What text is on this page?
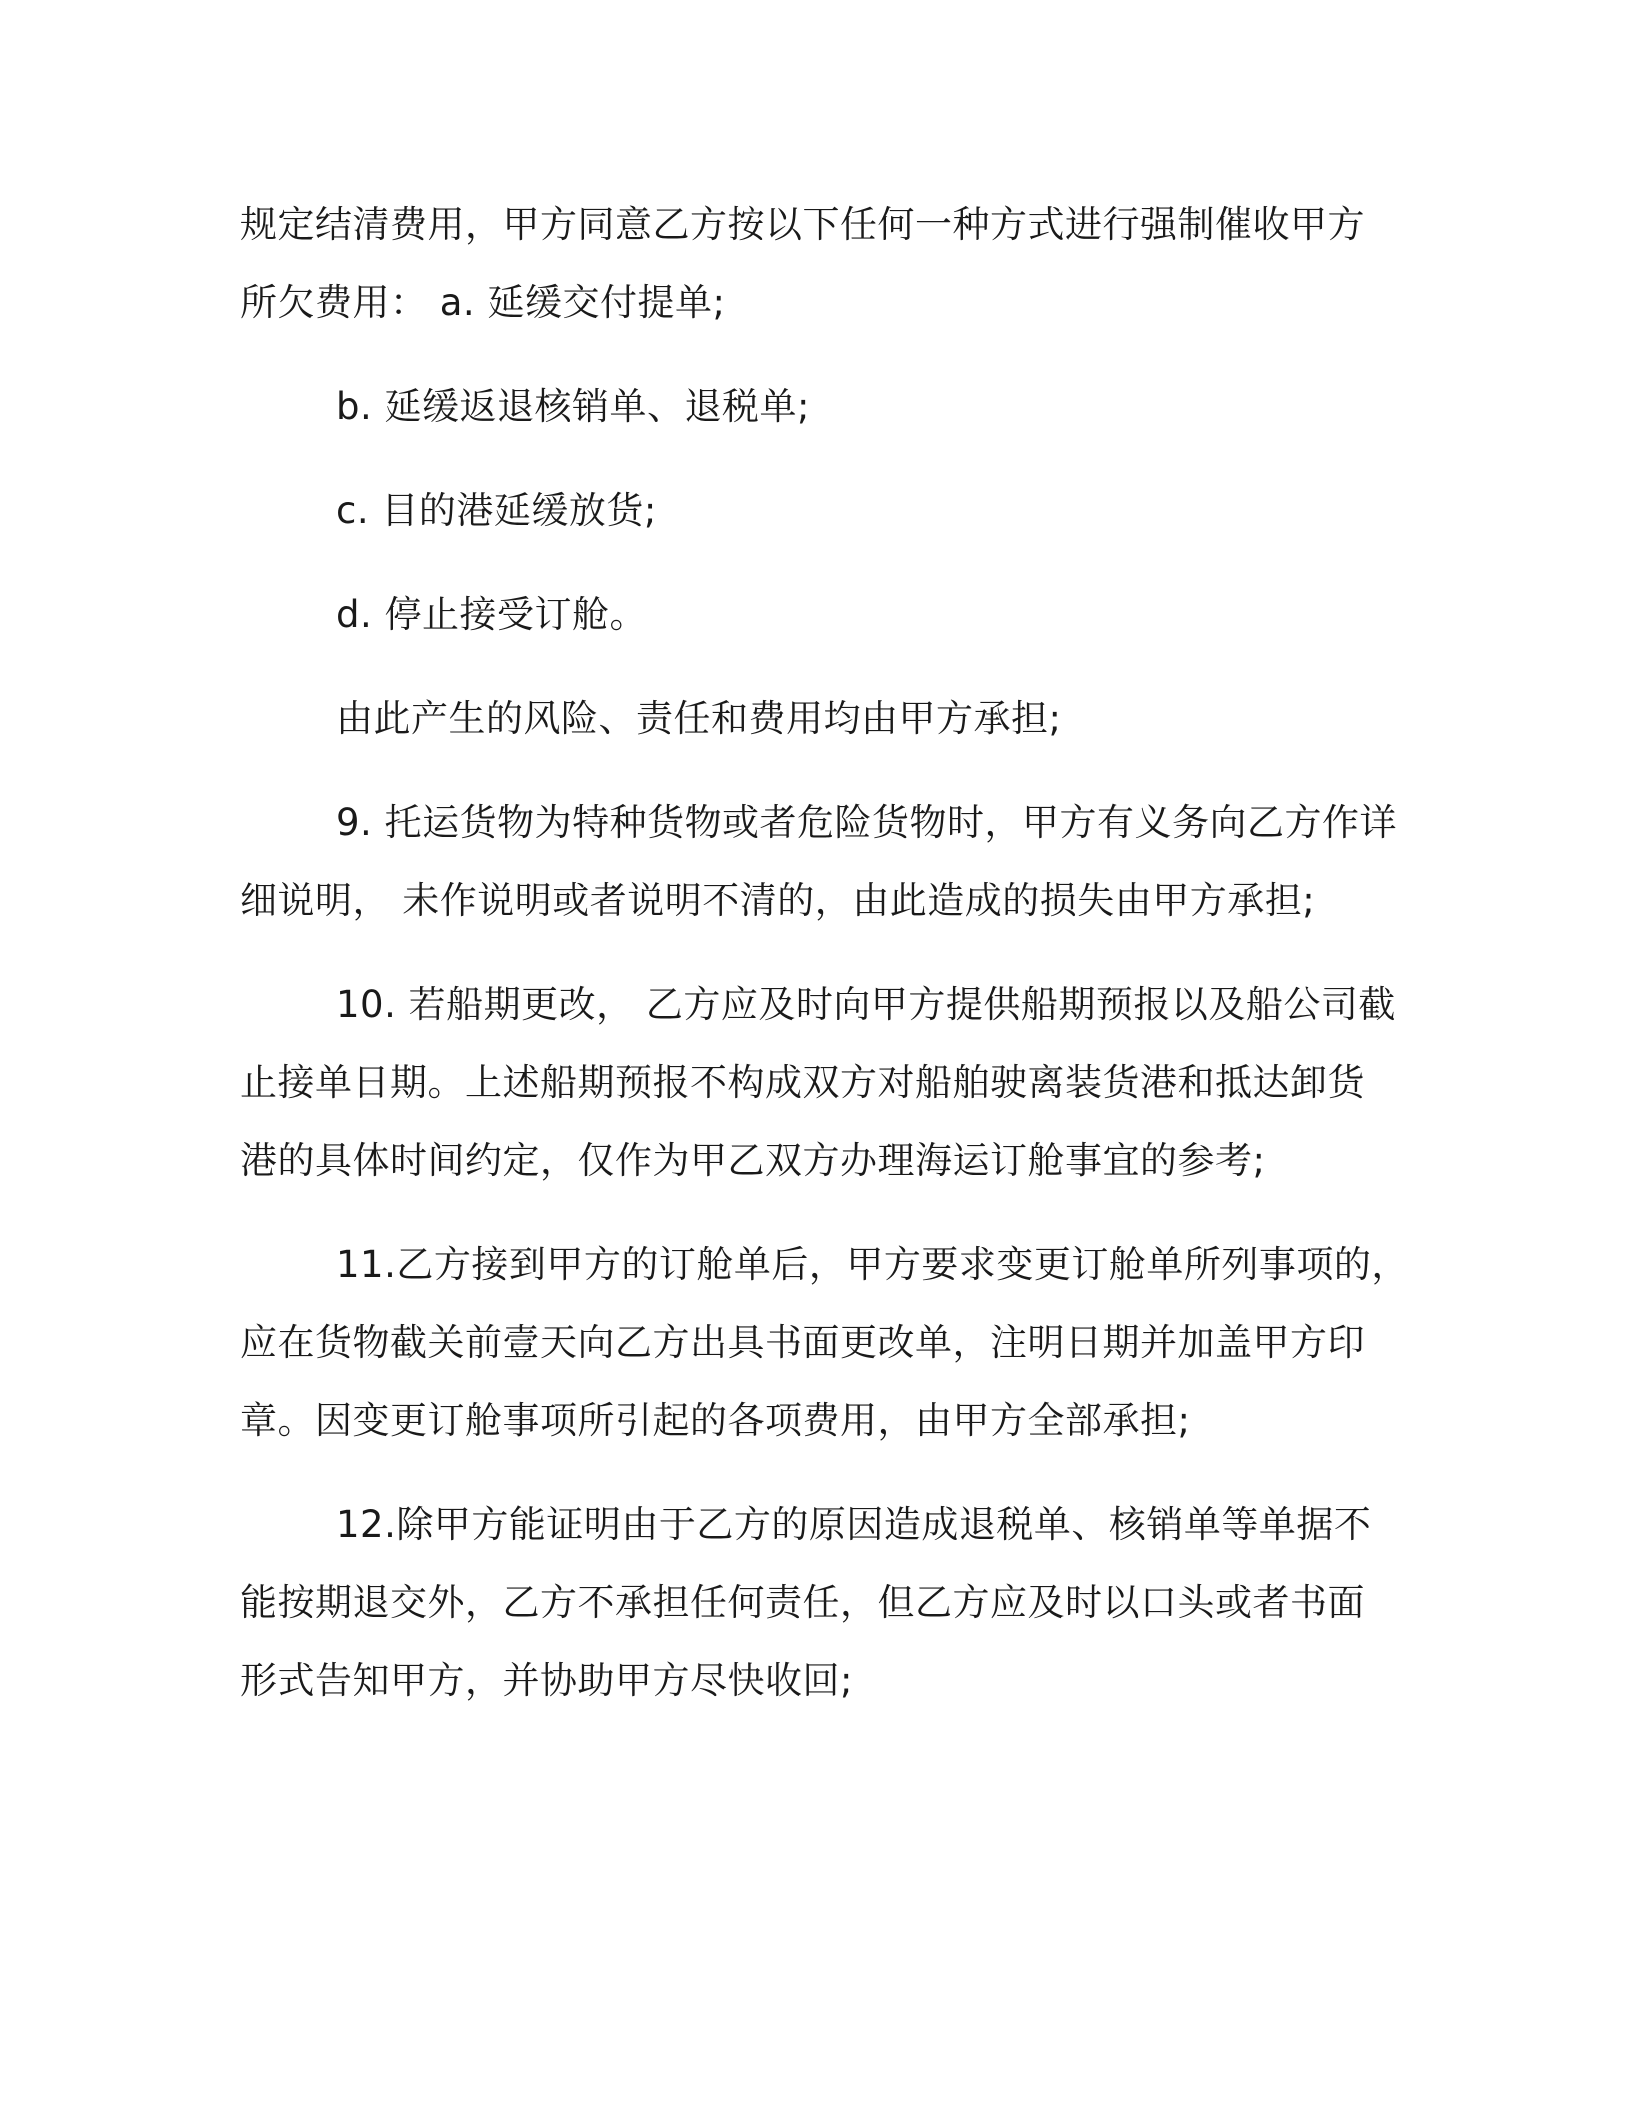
规定结清费用，甲方同意乙方按以下任何一种方式进行强制催收甲方
所欠费用： a. 延缓交付提单;

b. 延缓返退核销单、退税单;

c. 目的港延缓放货;

d. 停止接受订舱。

由此产生的风险、责任和费用均由甲方承担;

9. 托运货物为特种货物或者危险货物时，甲方有义务向乙方作详
细说明， 未作说明或者说明不清的，由此造成的损失由甲方承担;

10. 若船期更改， 乙方应及时向甲方提供船期预报以及船公司截
止接单日期。上述船期预报不构成双方对船舶驶离装货港和抵达卸货
港的具体时间约定，仅作为甲乙双方办理海运订舱事宜的参考;

11.乙方接到甲方的订舱单后，甲方要求变更订舱单所列事项的，
应在货物截关前壹天向乙方出具书面更改单，注明日期并加盖甲方印
章。因变更订舱事项所引起的各项费用，由甲方全部承担;

12.除甲方能证明由于乙方的原因造成退税单、核销单等单据不
能按期退交外，乙方不承担任何责任，但乙方应及时以口头或者书面
形式告知甲方，并协助甲方尽快收回;
